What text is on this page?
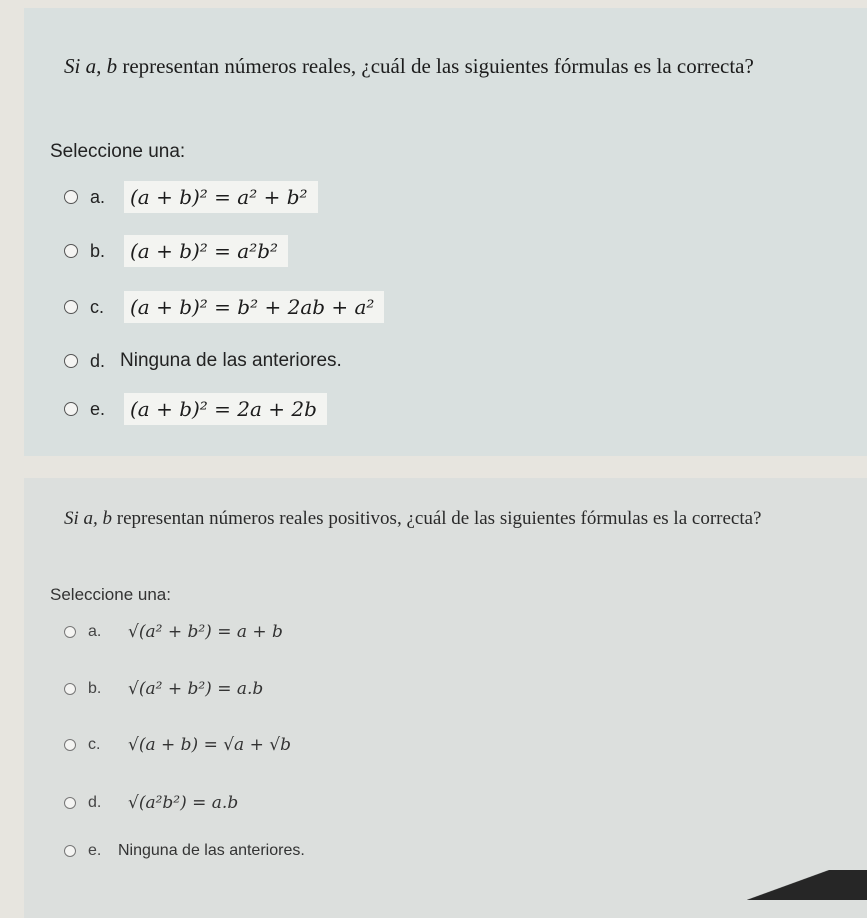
Si a, b representan números reales, ¿cuál de las siguientes fórmulas es la correcta?
Seleccione una:
a.	(a + b)² = a² + b²
b.	(a + b)² = a²b²
c.	(a + b)² = b² + 2ab + a²
d. Ninguna de las anteriores.
e.	(a + b)² = 2a + 2b
Si a, b representan números reales positivos, ¿cuál de las siguientes fórmulas es la correcta?
Seleccione una:
a.	√(a² + b²) = a + b
b.	√(a² + b²) = a.b
c.	√(a + b) = √a + √b
d.	√(a²b²) = a.b
e.	Ninguna de las anteriores.
